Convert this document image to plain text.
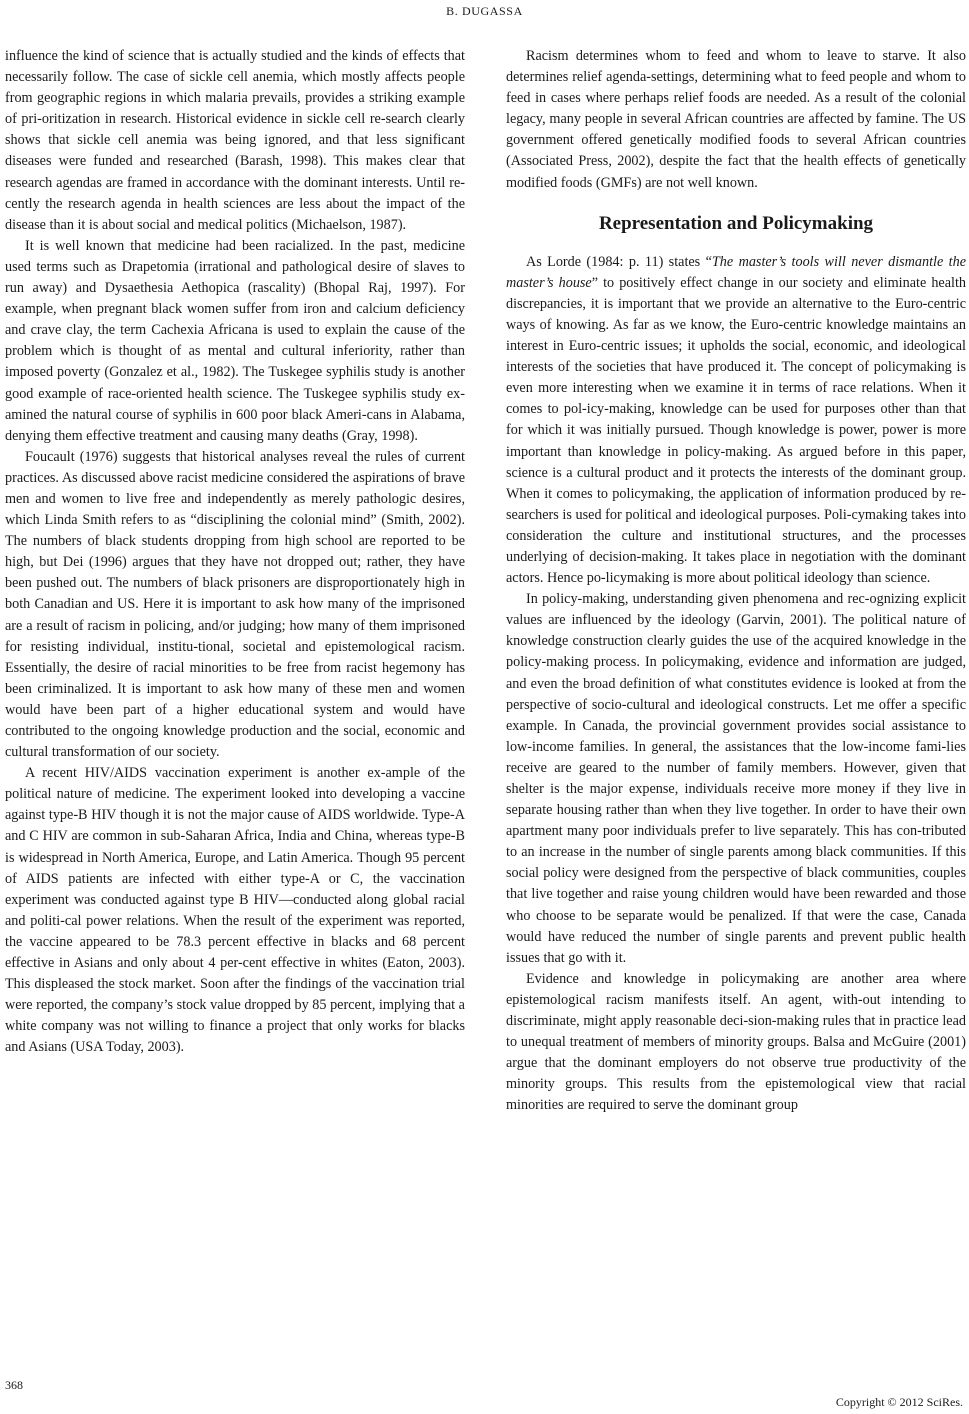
B. DUGASSA

influence the kind of science that is actually studied and the kinds of effects that necessarily follow. The case of sickle cell anemia, which mostly affects people from geographic regions in which malaria prevails, provides a striking example of pri-oritization in research. Historical evidence in sickle cell re-search clearly shows that sickle cell anemia was being ignored, and that less significant diseases were funded and researched (Barash, 1998). This makes clear that research agendas are framed in accordance with the dominant interests. Until re-cently the research agenda in health sciences are less about the impact of the disease than it is about social and medical politics (Michaelson, 1987).

It is well known that medicine had been racialized. In the past, medicine used terms such as Drapetomia (irrational and pathological desire of slaves to run away) and Dysaethesia Aethopica (rascality) (Bhopal Raj, 1997). For example, when pregnant black women suffer from iron and calcium deficiency and crave clay, the term Cachexia Africana is used to explain the cause of the problem which is thought of as mental and cultural inferiority, rather than imposed poverty (Gonzalez et al., 1982). The Tuskegee syphilis study is another good example of race-oriented health science. The Tuskegee syphilis study ex-amined the natural course of syphilis in 600 poor black Ameri-cans in Alabama, denying them effective treatment and causing many deaths (Gray, 1998).

Foucault (1976) suggests that historical analyses reveal the rules of current practices. As discussed above racist medicine considered the aspirations of brave men and women to live free and independently as merely pathologic desires, which Linda Smith refers to as “disciplining the colonial mind” (Smith, 2002). The numbers of black students dropping from high school are reported to be high, but Dei (1996) argues that they have not dropped out; rather, they have been pushed out. The numbers of black prisoners are disproportionately high in both Canadian and US. Here it is important to ask how many of the imprisoned are a result of racism in policing, and/or judging; how many of them imprisoned for resisting individual, institu-tional, societal and epistemological racism. Essentially, the desire of racial minorities to be free from racist hegemony has been criminalized. It is important to ask how many of these men and women would have been part of a higher educational system and would have contributed to the ongoing knowledge production and the social, economic and cultural transformation of our society.

A recent HIV/AIDS vaccination experiment is another ex-ample of the political nature of medicine. The experiment looked into developing a vaccine against type-B HIV though it is not the major cause of AIDS worldwide. Type-A and C HIV are common in sub-Saharan Africa, India and China, whereas type-B is widespread in North America, Europe, and Latin America. Though 95 percent of AIDS patients are infected with either type-A or C, the vaccination experiment was conducted against type B HIV—conducted along global racial and politi-cal power relations. When the result of the experiment was reported, the vaccine appeared to be 78.3 percent effective in blacks and 68 percent effective in Asians and only about 4 per-cent effective in whites (Eaton, 2003). This displeased the stock market. Soon after the findings of the vaccination trial were reported, the company’s stock value dropped by 85 percent, implying that a white company was not willing to finance a project that only works for blacks and Asians (USA Today, 2003).

Racism determines whom to feed and whom to leave to starve. It also determines relief agenda-settings, determining what to feed people and whom to feed in cases where perhaps relief foods are needed. As a result of the colonial legacy, many people in several African countries are affected by famine. The US government offered genetically modified foods to several African countries (Associated Press, 2002), despite the fact that the health effects of genetically modified foods (GMFs) are not well known.

Representation and Policymaking

As Lorde (1984: p. 11) states “The master’s tools will never dismantle the master’s house” to positively effect change in our society and eliminate health discrepancies, it is important that we provide an alternative to the Euro-centric ways of knowing. As far as we know, the Euro-centric knowledge maintains an interest in Euro-centric issues; it upholds the social, economic, and ideological interests of the societies that have produced it. The concept of policymaking is even more interesting when we examine it in terms of race relations. When it comes to pol-icy-making, knowledge can be used for purposes other than that for which it was initially pursued. Though knowledge is power, power is more important than knowledge in policy-making. As argued before in this paper, science is a cultural product and it protects the interests of the dominant group. When it comes to policymaking, the application of information produced by re-searchers is used for political and ideological purposes. Poli-cymaking takes into consideration the culture and institutional structures, and the processes underlying of decision-making. It takes place in negotiation with the dominant actors. Hence po-licymaking is more about political ideology than science.

In policy-making, understanding given phenomena and rec-ognizing explicit values are influenced by the ideology (Garvin, 2001). The political nature of knowledge construction clearly guides the use of the acquired knowledge in the policy-making process. In policymaking, evidence and information are judged, and even the broad definition of what constitutes evidence is looked at from the perspective of socio-cultural and ideological constructs. Let me offer a specific example. In Canada, the provincial government provides social assistance to low-income families. In general, the assistances that the low-income fami-lies receive are geared to the number of family members. However, given that shelter is the major expense, individuals receive more money if they live in separate housing rather than when they live together. In order to have their own apartment many poor individuals prefer to live separately. This has con-tributed to an increase in the number of single parents among black communities. If this social policy were designed from the perspective of black communities, couples that live together and raise young children would have been rewarded and those who choose to be separate would be penalized. If that were the case, Canada would have reduced the number of single parents and prevent public health issues that go with it.

Evidence and knowledge in policymaking are another area where epistemological racism manifests itself. An agent, with-out intending to discriminate, might apply reasonable deci-sion-making rules that in practice lead to unequal treatment of members of minority groups. Balsa and McGuire (2001) argue that the dominant employers do not observe true productivity of the minority groups. This results from the epistemological view that racial minorities are required to serve the dominant group

368
Copyright © 2012 SciRes.
